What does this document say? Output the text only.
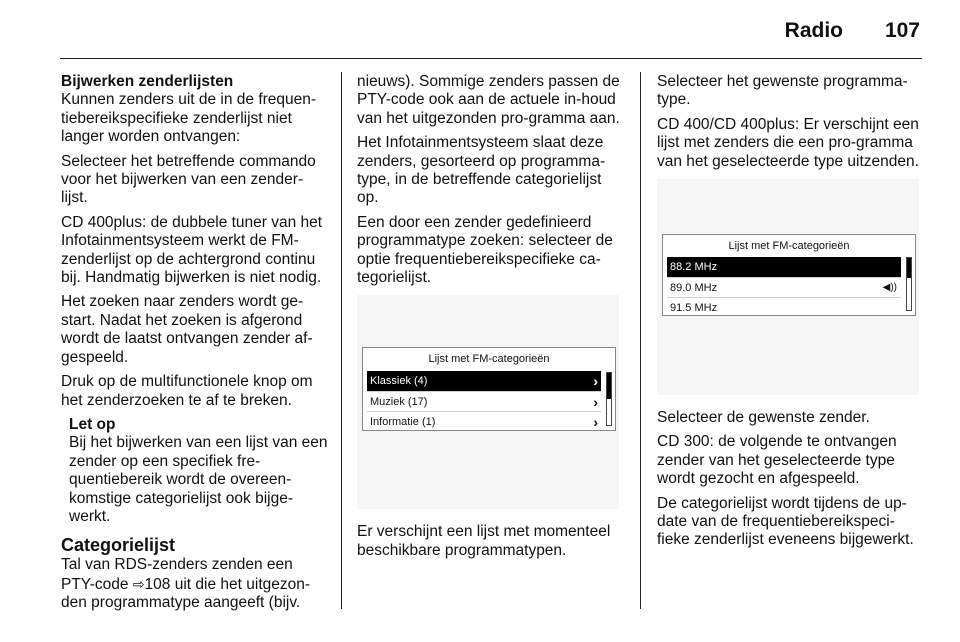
Radio 107

Bijwerken zenderlijsten

Kunnen zenders uit de in de frequen-tiebereikspecifieke zenderlijst niet langer worden ontvangen:

Selecteer het betreffende commando voor het bijwerken van een zender-lijst.

CD 400plus: de dubbele tuner van het Infotainmentsysteem werkt de FM-zenderlijst op de achtergrond continu bij. Handmatig bijwerken is niet nodig.

Het zoeken naar zenders wordt ge-start. Nadat het zoeken is afgerond wordt de laatst ontvangen zender af-gespeeld.

Druk op de multifunctionele knop om het zenderzoeken te af te breken.

Let op

Bij het bijwerken van een lijst van een zender op een specifiek fre-quentiebereik wordt de overeen-komstige categorielijst ook bijge-werkt.

Categorielijst

Tal van RDS-zenders zenden een PTY-code ⇨108 uit die het uitgezon-den programmatype aangeeft (bijv.

nieuws). Sommige zenders passen de PTY-code ook aan de actuele in-houd van het uitgezonden pro-gramma aan.

Het Infotainmentsysteem slaat deze zenders, gesorteerd op programma-type, in de betreffende categorielijst op.

Een door een zender gedefinieerd programmatype zoeken: selecteer de optie frequentiebereikspecifieke ca-tegorielijst.

Lijst met FM-categorieën
Klassiek (4)	›
Muziek (17)	›
Informatie (1)	›

Er verschijnt een lijst met momenteel beschikbare programmatypen.

Selecteer het gewenste programma-type.

CD 400/CD 400plus: Er verschijnt een lijst met zenders die een pro-gramma van het geselecteerde type uitzenden.

Lijst met FM-categorieën
88.2 MHz
89.0 MHz	◀))
91.5 MHz

Selecteer de gewenste zender.

CD 300: de volgende te ontvangen zender van het geselecteerde type wordt gezocht en afgespeeld.

De categorielijst wordt tijdens de up-date van de frequentiebereikspeci-fieke zenderlijst eveneens bijgewerkt.
